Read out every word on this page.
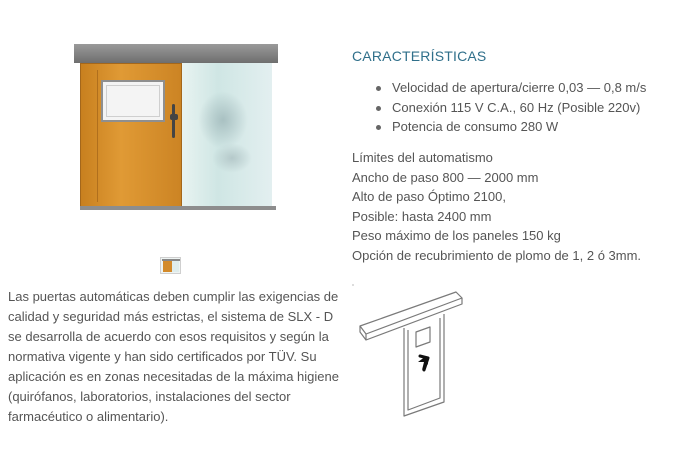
Las puertas automáticas deben cumplir las exigencias de calidad y seguridad más estrictas, el sistema de SLX - D se desarrolla de acuerdo con esos requisitos y según la normativa vigente y han sido certificados por TÜV. Su aplicación es en zonas necesitadas de la máxima higiene (quirófanos, laboratorios, instalaciones del sector farmacéutico o alimentario).

CARACTERÍSTICAS
Velocidad de apertura/cierre 0,03 — 0,8 m/s
Conexión 115 V C.A., 60 Hz (Posible 220v)
Potencia de consumo 280 W
Límites del automatismo
Ancho de paso 800 — 2000 mm
Alto de paso Óptimo 2100,
Posible: hasta 2400 mm
Peso máximo de los paneles 150 kg
Opción de recubrimiento de plomo de 1, 2 ó 3mm.
